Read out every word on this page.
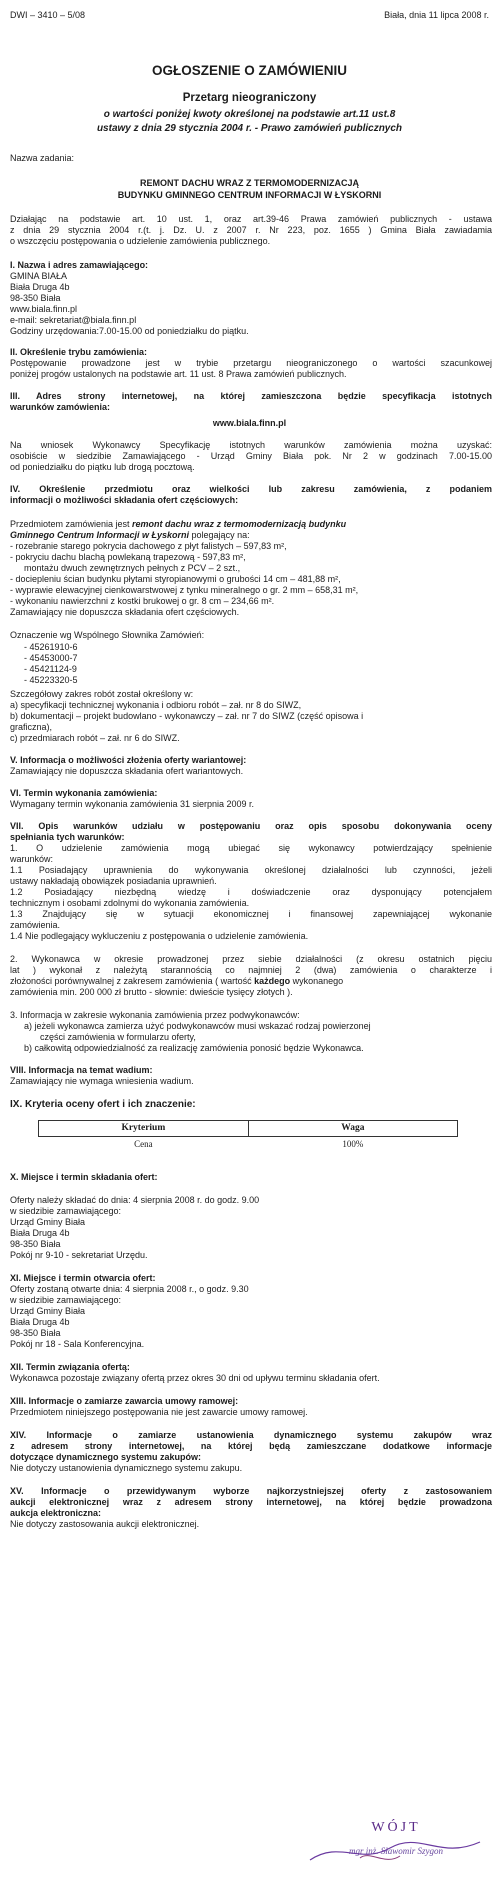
DWI – 3410 – 5/08	Biała, dnia 11 lipca 2008 r.
OGŁOSZENIE O ZAMÓWIENIU
Przetarg nieograniczony
o wartości poniżej kwoty określonej na podstawie art.11 ust.8
ustawy z dnia 29 stycznia 2004 r. - Prawo zamówień publicznych
Nazwa zadania:
REMONT DACHU WRAZ Z TERMOMODERNIZACJĄ
BUDYNKU GMINNEGO CENTRUM INFORMACJI W ŁYSKORNI
Działając na podstawie art. 10 ust. 1, oraz art.39-46 Prawa zamówień publicznych - ustawa
z dnia 29 stycznia 2004 r.(t. j. Dz. U. z 2007 r. Nr 223, poz. 1655 ) Gmina Biała zawiadamia
o wszczęciu postępowania o udzielenie zamówienia publicznego.
I. Nazwa i adres zamawiającego:
GMINA BIAŁA
Biała Druga 4b
98-350 Biała
www.biala.finn.pl
e-mail: sekretariat@biala.finn.pl
Godziny urzędowania:7.00-15.00 od poniedziałku do piątku.
II. Określenie trybu zamówienia:
Postępowanie prowadzone jest w trybie przetargu nieograniczonego o wartości szacunkowej
poniżej progów ustalonych na podstawie art. 11 ust. 8 Prawa zamówień publicznych.
III. Adres strony internetowej, na której zamieszczona będzie specyfikacja istotnych
warunków zamówienia:
www.biala.finn.pl
Na wniosek Wykonawcy Specyfikację istotnych warunków zamówienia można uzyskać:
osobiście w siedzibie Zamawiającego - Urząd Gminy Biała pok. Nr 2 w godzinach 7.00-15.00
od poniedziałku do piątku lub drogą pocztową.
IV. Określenie przedmiotu oraz wielkości lub zakresu zamówienia, z podaniem
informacji o możliwości składania ofert częściowych:
Przedmiotem zamówienia jest remont dachu wraz z termomodernizacją budynku
Gminnego Centrum Informacji w Łyskorni polegający na:
- rozebranie starego pokrycia dachowego z płyt falistych – 597,83 m²,
- pokryciu dachu blachą powlekaną trapezową - 597,83 m²,
montażu dwuch zewnętrznych pełnych z PCV – 2 szt.,
- dociepleniu ścian budynku płytami styropianowymi o grubości 14 cm – 481,88 m²,
- wyprawie elewacyjnej cienkowarstwowej z tynku mineralnego o gr. 2 mm – 658,31 m²,
- wykonaniu nawierzchni z kostki brukowej o gr. 8 cm – 234,66 m².
Zamawiający nie dopuszcza składania ofert częściowych.
Oznaczenie wg Wspólnego Słownika Zamówień:
- 45261910-6
- 45453000-7
- 45421124-9
- 45223320-5
Szczegółowy zakres robót został określony w:
a) specyfikacji technicznej wykonania i odbioru robót – zał. nr 8 do SIWZ,
b) dokumentacji – projekt budowlano - wykonawczy – zał. nr 7 do SIWZ (część opisowa i
graficzna),
c) przedmiarach robót – zał. nr 6 do SIWZ.
V. Informacja o możliwości złożenia oferty wariantowej:
Zamawiający nie dopuszcza składania ofert wariantowych.
VI. Termin wykonania zamówienia:
Wymagany termin wykonania zamówienia 31 sierpnia 2009 r.
VII. Opis warunków udziału w postępowaniu oraz opis sposobu dokonywania oceny
spełniania tych warunków:
1. O udzielenie zamówienia mogą ubiegać się wykonawcy potwierdzający spełnienie
warunków:
1.1 Posiadający uprawnienia do wykonywania określonej działalności lub czynności, jeżeli
ustawy nakładają obowiązek posiadania uprawnień.
1.2 Posiadający niezbędną wiedzę i doświadczenie oraz dysponujący potencjałem
technicznym i osobami zdolnymi do wykonania zamówienia.
1.3 Znajdujący się w sytuacji ekonomicznej i finansowej zapewniającej wykonanie
zamówienia.
1.4 Nie podlegający wykluczeniu z postępowania o udzielenie zamówienia.
2. Wykonawca w okresie prowadzonej przez siebie działalności (z okresu ostatnich pięciu
lat ) wykonał z należytą starannością co najmniej 2 (dwa) zamówienia o charakterze i
złożoności porównywalnej z zakresem zamówienia ( wartość każdego wykonanego
zamówienia min. 200 000 zł brutto - słownie: dwieście tysięcy złotych ).
3. Informacja w zakresie wykonania zamówienia przez podwykonawców:
a) jeżeli wykonawca zamierza użyć podwykonawców musi wskazać rodzaj powierzonej
części zamówienia w formularzu oferty,
b) całkowitą odpowiedzialność za realizację zamówienia ponosić będzie Wykonawca.
VIII. Informacja na temat wadium:
Zamawiający nie wymaga wniesienia wadium.
IX. Kryteria oceny ofert i ich znaczenie:
Kryterium	Waga
Cena	100%
X. Miejsce i termin składania ofert:
Oferty należy składać do dnia: 4 sierpnia 2008 r. do godz. 9.00
w siedzibie zamawiającego:
Urząd Gminy Biała
Biała Druga 4b
98-350 Biała
Pokój nr 9-10 - sekretariat Urzędu.
XI. Miejsce i termin otwarcia ofert:
Oferty zostaną otwarte dnia: 4 sierpnia 2008 r., o godz. 9.30
w siedzibie zamawiającego:
Urząd Gminy Biała
Biała Druga 4b
98-350 Biała
Pokój nr 18 - Sala Konferencyjna.
XII. Termin związania ofertą:
Wykonawca pozostaje związany ofertą przez okres 30 dni od upływu terminu składania ofert.
XIII. Informacje o zamiarze zawarcia umowy ramowej:
Przedmiotem niniejszego postępowania nie jest zawarcie umowy ramowej.
XIV. Informacje o zamiarze ustanowienia dynamicznego systemu zakupów wraz
z adresem strony internetowej, na której będą zamieszczane dodatkowe informacje
dotyczące dynamicznego systemu zakupów:
Nie dotyczy ustanowienia dynamicznego systemu zakupu.
XV. Informacje o przewidywanym wyborze najkorzystniejszej oferty z zastosowaniem
aukcji elektronicznej wraz z adresem strony internetowej, na której będzie prowadzona
aukcja elektroniczna:
Nie dotyczy zastosowania aukcji elektronicznej.
WÓJT
mgr inż. Sławomir Szygon
